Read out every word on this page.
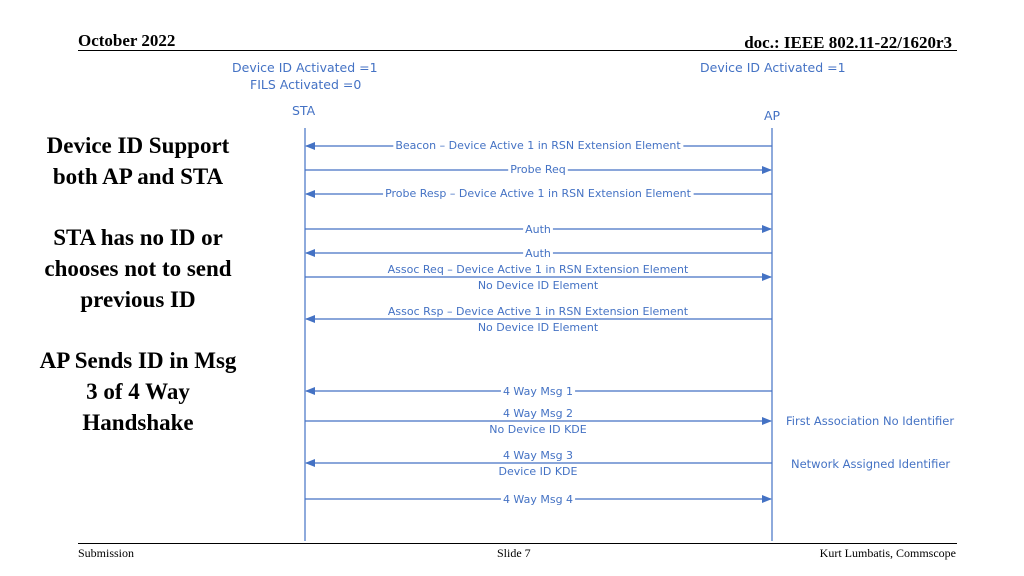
October 2022	doc.: IEEE 802.11-22/1620r3
Device ID Support
both AP and STA
STA has no ID or
chooses not to send
previous ID
AP Sends ID in Msg
3 of 4 Way
Handshake
Device ID Activated =1
FILS Activated =0
STA
Device ID Activated =1
AP
First Association No Identifier
Network Assigned Identifier
Beacon – Device Active 1 in RSN Extension Element
Probe Req
Probe Resp – Device Active 1 in RSN Extension Element
Auth
Auth
Assoc Req – Device Active 1 in RSN Extension Element
No Device ID Element
Assoc Rsp – Device Active 1 in RSN Extension Element
No Device ID Element
4 Way Msg 1
4 Way Msg 2
No Device ID KDE
4 Way Msg 3
Device ID KDE
4 Way Msg 4
Submission	Slide 7	Kurt Lumbatis, Commscope
